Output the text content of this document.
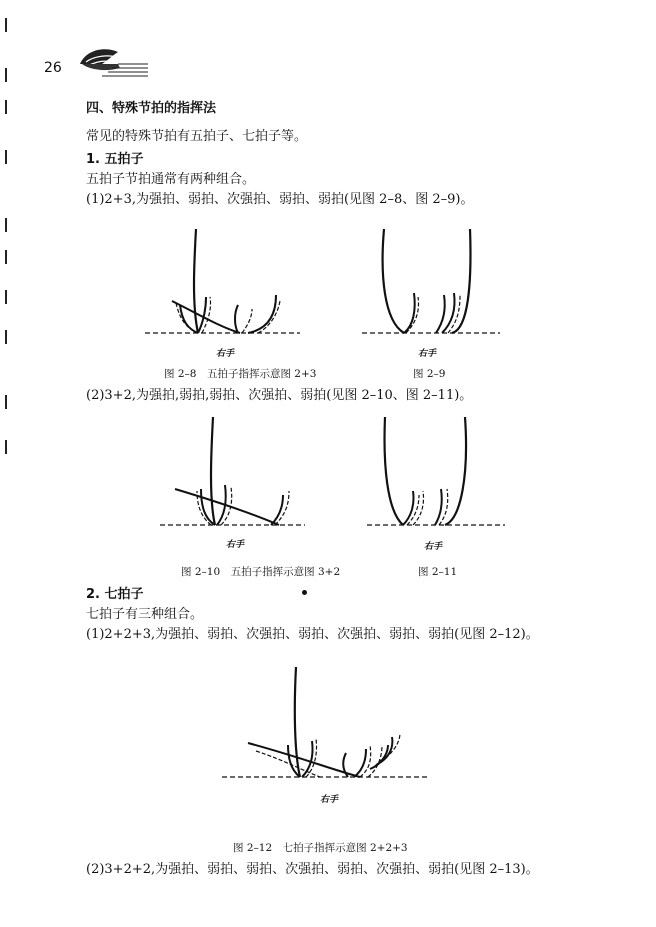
26
四、特殊节拍的指挥法
常见的特殊节拍有五拍子、七拍子等。
1. 五拍子
五拍子节拍通常有两种组合。
(1)2+3,为强拍、弱拍、次强拍、弱拍、弱拍(见图 2–8、图 2–9)。
右手	右手
图 2–8　五拍子指挥示意图 2+3	图 2–9
(2)3+2,为强拍,弱拍,弱拍、次强拍、弱拍(见图 2–10、图 2–11)。
右手	右手
图 2–10　五拍子指挥示意图 3+2	图 2–11
2. 七拍子
七拍子有三种组合。
(1)2+2+3,为强拍、弱拍、次强拍、弱拍、次强拍、弱拍、弱拍(见图 2–12)。
右手
图 2–12　七拍子指挥示意图 2+2+3
(2)3+2+2,为强拍、弱拍、弱拍、次强拍、弱拍、次强拍、弱拍(见图 2–13)。
